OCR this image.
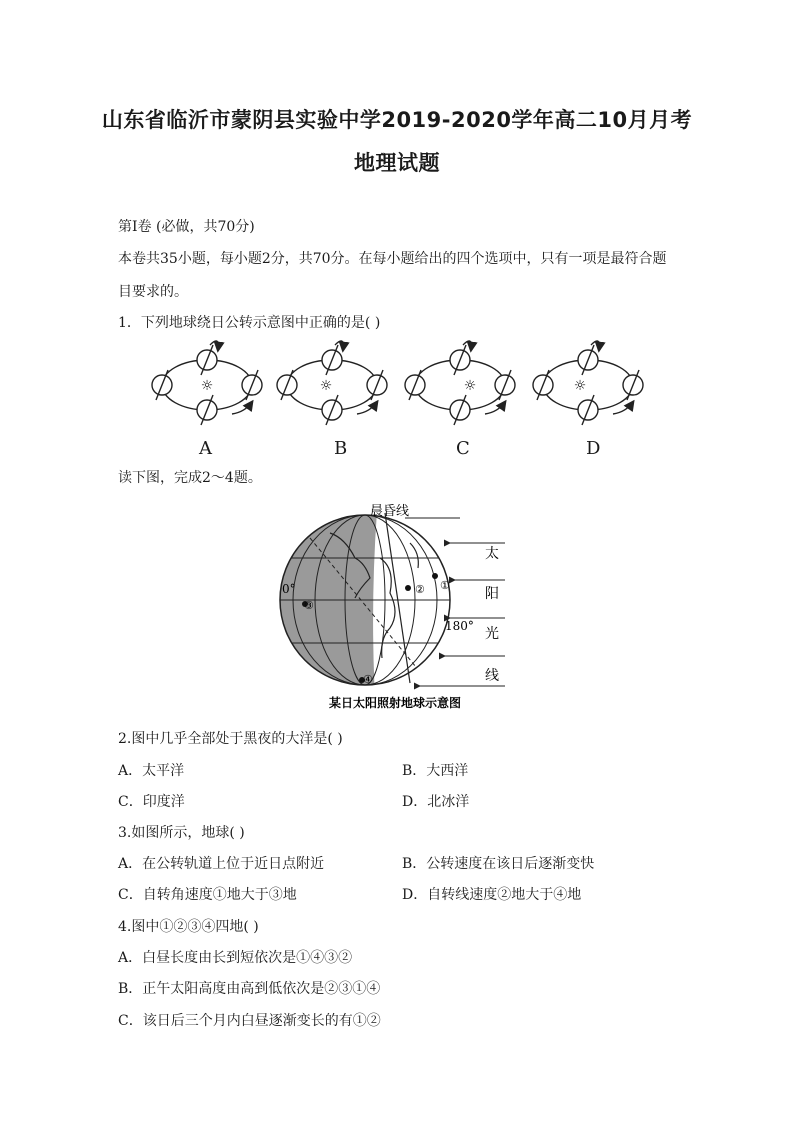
山东省临沂市蒙阴县实验中学2019-2020学年高二10月月考
地理试题
第Ⅰ卷 (必做，共70分)
本卷共35小题，每小题2分，共70分。在每小题给出的四个选项中，只有一项是最符合题
目要求的。
1．下列地球绕日公转示意图中正确的是( )
☼	☼	☼	☼
A	B	C	D
读下图，完成2～4题。
晨昏线
太
阳
光
线
0°
180°
①
②
③
④
某日太阳照射地球示意图
2.图中几乎全部处于黑夜的大洋是( )
A．太平洋	B．大西洋
C．印度洋	D．北冰洋
3.如图所示，地球( )
A．在公转轨道上位于近日点附近	B．公转速度在该日后逐渐变快
C．自转角速度①地大于③地	D．自转线速度②地大于④地
4.图中①②③④四地( )
A．白昼长度由长到短依次是①④③②
B．正午太阳高度由高到低依次是②③①④
C．该日后三个月内白昼逐渐变长的有①②
